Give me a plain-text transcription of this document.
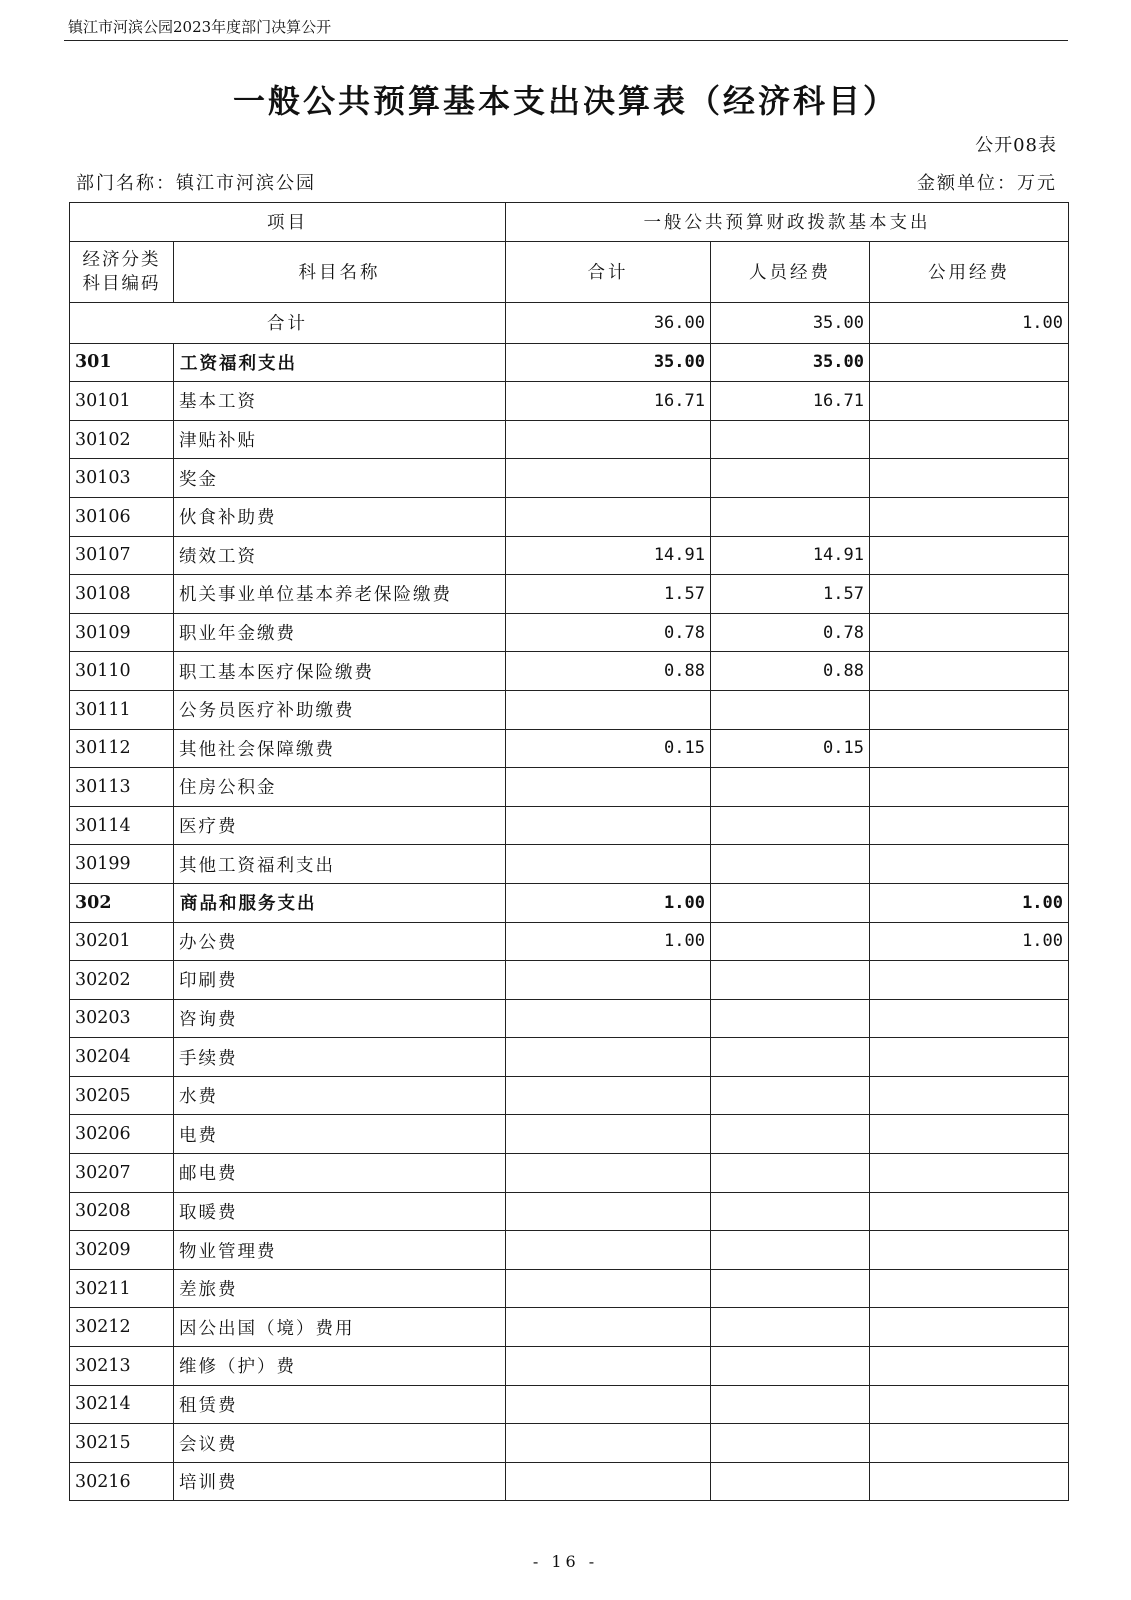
镇江市河滨公园2023年度部门决算公开
一般公共预算基本支出决算表（经济科目）
公开08表
部门名称：镇江市河滨公园	金额单位：万元
项目		一般公共预算财政拨款基本支出		
经济分类
科目编码	科目名称	合计	人员经费	公用经费
合计		36.00	35.00	1.00
301	工资福利支出	35.00	35.00	
30101	基本工资	16.71	16.71	
30102	津贴补贴			
30103	奖金			
30106	伙食补助费			
30107	绩效工资	14.91	14.91	
30108	机关事业单位基本养老保险缴费	1.57	1.57	
30109	职业年金缴费	0.78	0.78	
30110	职工基本医疗保险缴费	0.88	0.88	
30111	公务员医疗补助缴费			
30112	其他社会保障缴费	0.15	0.15	
30113	住房公积金			
30114	医疗费			
30199	其他工资福利支出			
302	商品和服务支出	1.00		1.00
30201	办公费	1.00		1.00
30202	印刷费			
30203	咨询费			
30204	手续费			
30205	水费			
30206	电费			
30207	邮电费			
30208	取暖费			
30209	物业管理费			
30211	差旅费			
30212	因公出国（境）费用			
30213	维修（护）费			
30214	租赁费			
30215	会议费			
30216	培训费			
- 16 -
